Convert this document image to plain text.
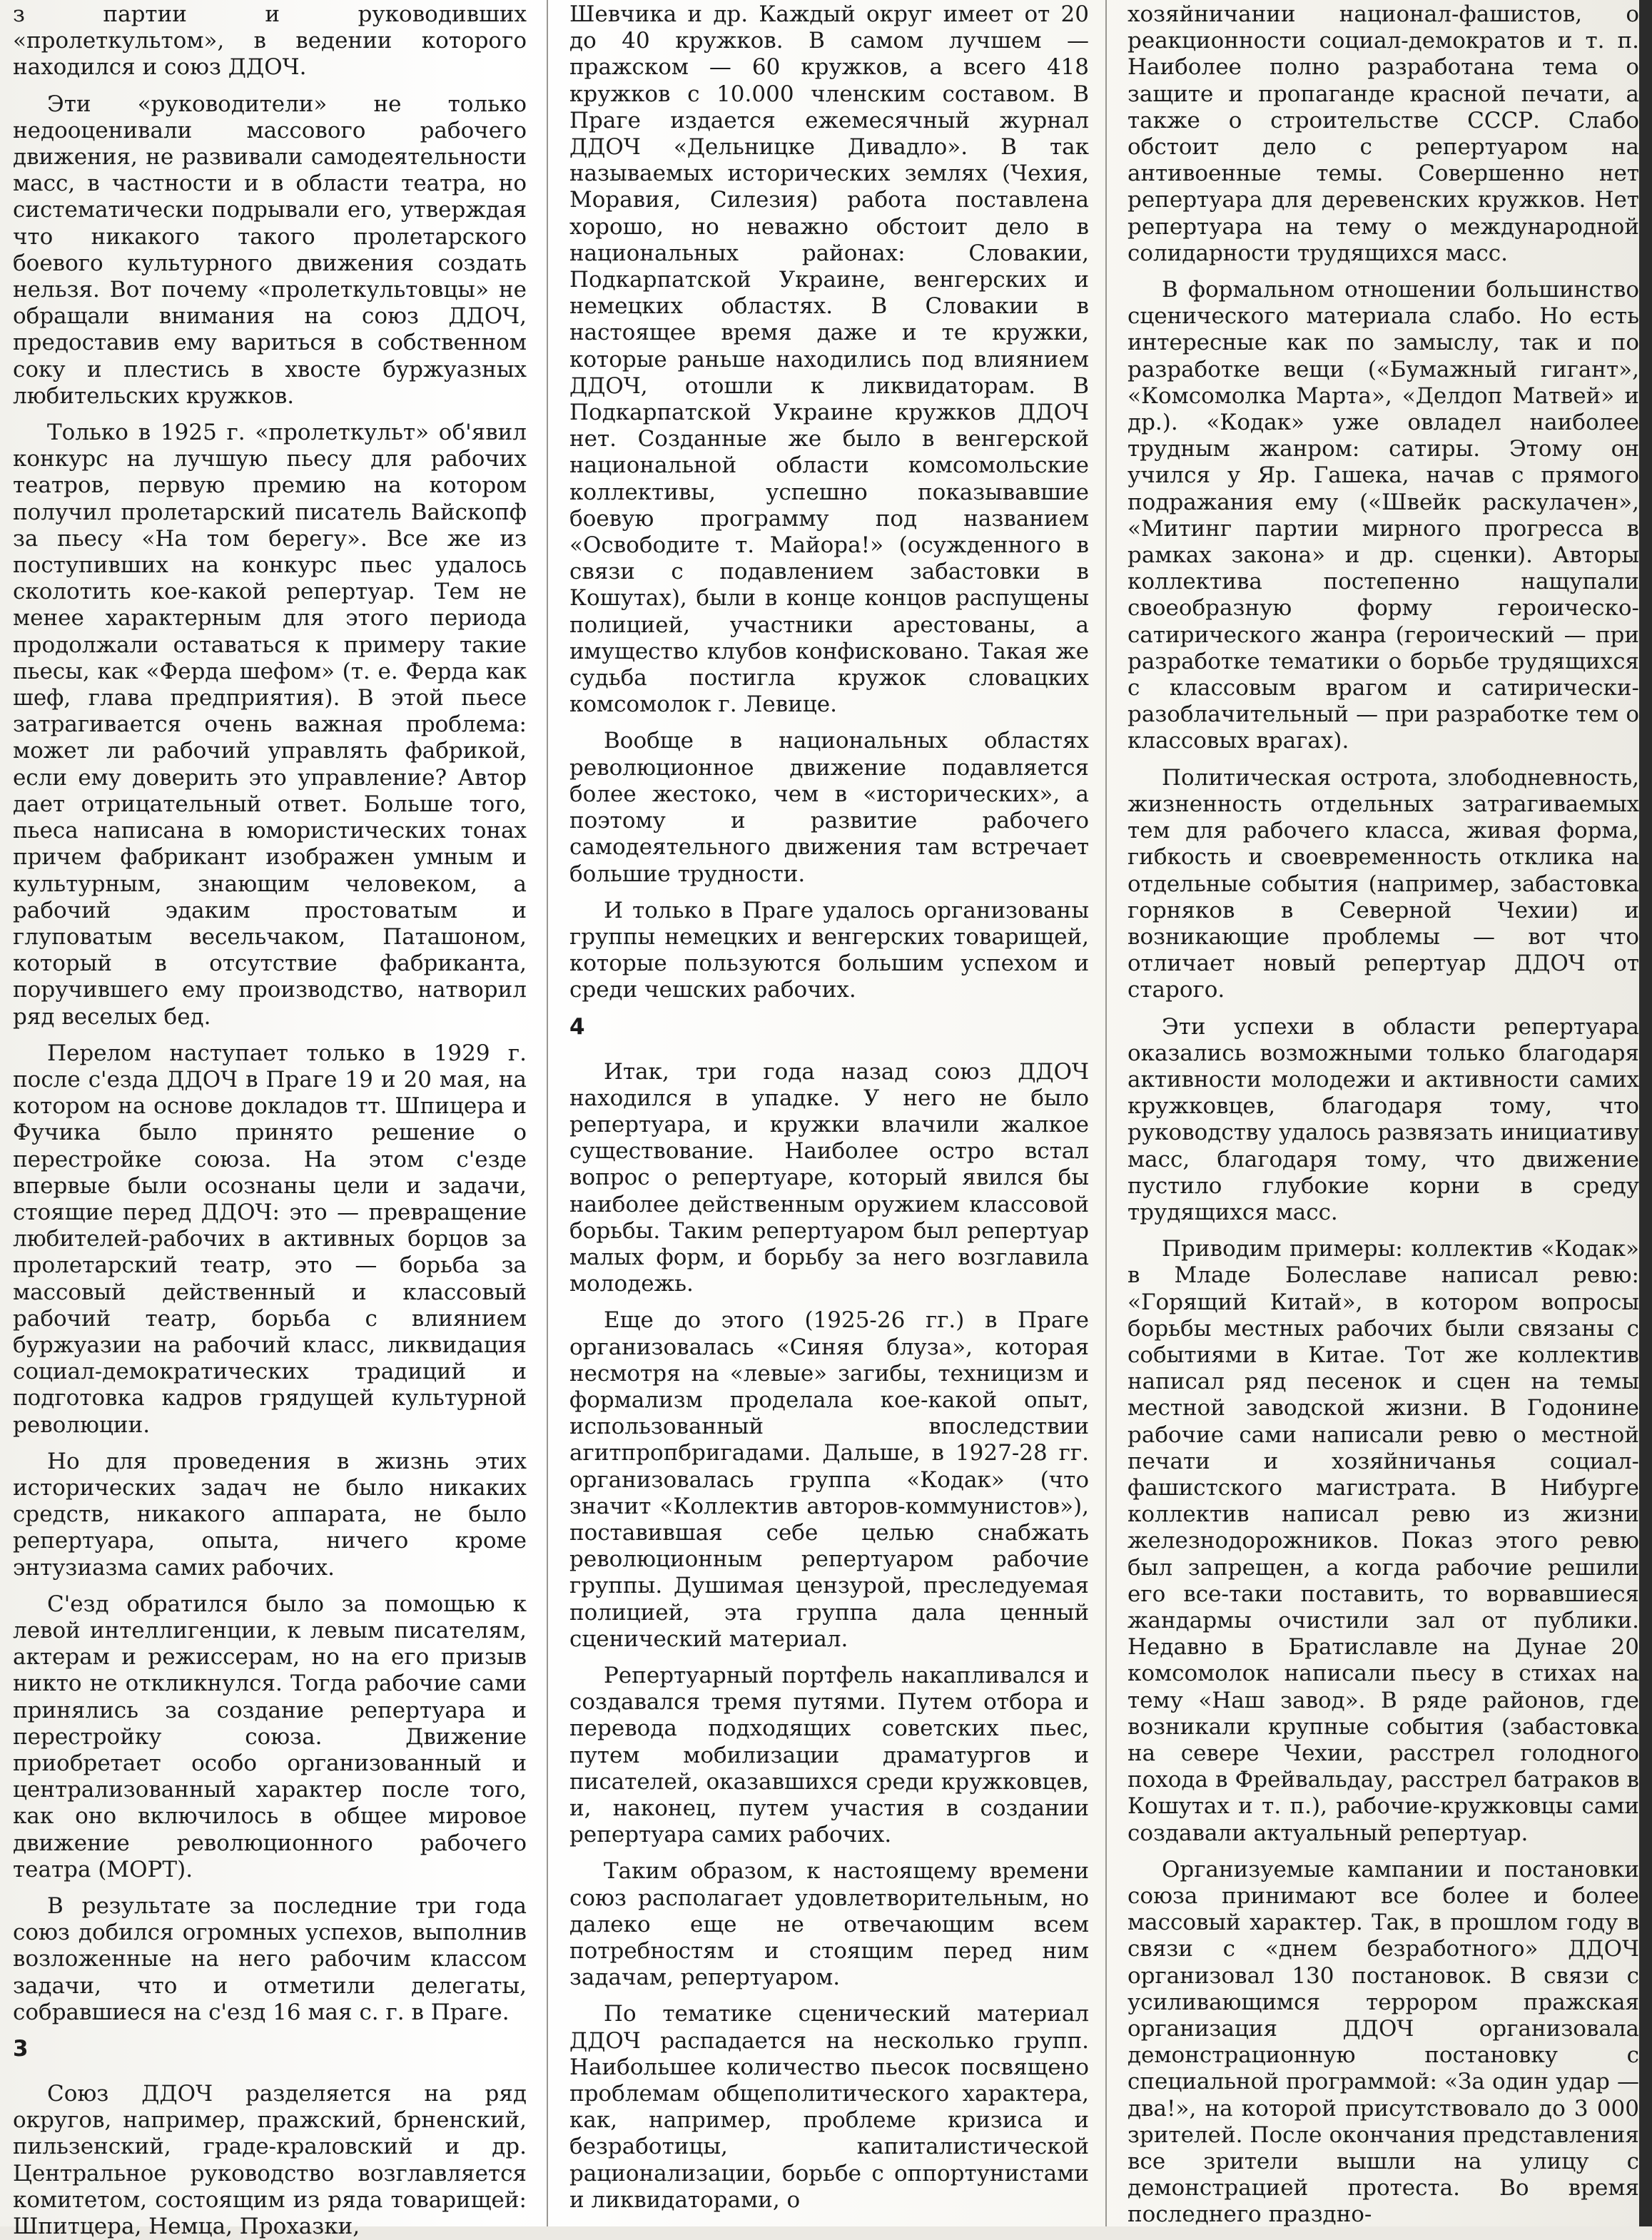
з партии и руководивших «пролеткультом», в ведении которого находился и союз ДДОЧ.

Эти «руководители» не только недооценивали массового рабочего движения, не развивали самодеятельности масс, в частности и в области театра, но систематически подрывали его, утверждая что никакого такого пролетарского боевого культурного движения создать нельзя. Вот почему «пролеткультовцы» не обращали внимания на союз ДДОЧ, предоставив ему вариться в собственном соку и плестись в хвосте буржуазных любительских кружков.

Только в 1925 г. «пролеткульт» об'явил конкурс на лучшую пьесу для рабочих театров, первую премию на котором получил пролетарский писатель Вайскопф за пьесу «На том берегу». Все же из поступивших на конкурс пьес удалось сколотить кое-какой репертуар. Тем не менее характерным для этого периода продолжали оставаться к примеру такие пьесы, как «Ферда шефом» (т. е. Ферда как шеф, глава предприятия). В этой пьесе затрагивается очень важная проблема: может ли рабочий управлять фабрикой, если ему доверить это управление? Автор дает отрицательный ответ. Больше того, пьеса написана в юмористических тонах причем фабрикант изображен умным и культурным, знающим человеком, а рабочий эдаким простоватым и глуповатым весельчаком, Паташоном, который в отсутствие фабриканта, поручившего ему производство, натворил ряд веселых бед.

Перелом наступает только в 1929 г. после с'езда ДДОЧ в Праге 19 и 20 мая, на котором на основе докладов тт. Шпицера и Фучика было принято решение о перестройке союза. На этом с'езде впервые были осознаны цели и задачи, стоящие перед ДДОЧ: это — превращение любителей-рабочих в активных борцов за пролетарский театр, это — борьба за массовый действенный и классовый рабочий театр, борьба с влиянием буржуазии на рабочий класс, ликвидация социал-демократических традиций и подготовка кадров грядущей культурной революции.

Но для проведения в жизнь этих исторических задач не было никаких средств, никакого аппарата, не было репертуара, опыта, ничего кроме энтузиазма самих рабочих.

С'езд обратился было за помощью к левой интеллигенции, к левым писателям, актерам и режиссерам, но на его призыв никто не откликнулся. Тогда рабочие сами принялись за создание репертуара и перестройку союза. Движение приобретает особо организованный и централизованный характер после того, как оно включилось в общее мировое движение революционного рабочего театра (МОРТ).

В результате за последние три года союз добился огромных успехов, выполнив возложенные на него рабочим классом задачи, что и отметили делегаты, собравшиеся на с'езд 16 мая с. г. в Праге.

3

Союз ДДОЧ разделяется на ряд округов, например, пражский, брненский, пильзенский, граде-краловский и др. Центральное руководство возглавляется комитетом, состоящим из ряда товарищей: Шпитцера, Немца, Прохазки,

Шевчика и др. Каждый округ имеет от 20 до 40 кружков. В самом лучшем — пражском — 60 кружков, а всего 418 кружков с 10.000 членским составом. В Праге издается ежемесячный журнал ДДОЧ «Дельницке Дивадло». В так называемых исторических землях (Чехия, Моравия, Силезия) работа поставлена хорошо, но неважно обстоит дело в национальных районах: Словакии, Подкарпатской Украине, венгерских и немецких областях. В Словакии в настоящее время даже и те кружки, которые раньше находились под влиянием ДДОЧ, отошли к ликвидаторам. В Подкарпатской Украине кружков ДДОЧ нет. Созданные же было в венгерской национальной области комсомольские коллективы, успешно показывавшие боевую программу под названием «Освободите т. Майора!» (осужденного в связи с подавлением забастовки в Кошутах), были в конце концов распущены полицией, участники арестованы, а имущество клубов конфисковано. Такая же судьба постигла кружок словацких комсомолок г. Левице.

Вообще в национальных областях революционное движение подавляется более жестоко, чем в «исторических», а поэтому и развитие рабочего самодеятельного движения там встречает большие трудности.

И только в Праге удалось организованы группы немецких и венгерских товарищей, которые пользуются большим успехом и среди чешских рабочих.

4

Итак, три года назад союз ДДОЧ находился в упадке. У него не было репертуара, и кружки влачили жалкое существование. Наиболее остро встал вопрос о репертуаре, который явился бы наиболее действенным оружием классовой борьбы. Таким репертуаром был репертуар малых форм, и борьбу за него возглавила молодежь.

Еще до этого (1925-26 гг.) в Праге организовалась «Синяя блуза», которая несмотря на «левые» загибы, техницизм и формализм проделала кое-какой опыт, использованный впоследствии агитпропбригадами. Дальше, в 1927-28 гг. организовалась группа «Кодак» (что значит «Коллектив авторов-коммунистов»), поставившая себе целью снабжать революционным репертуаром рабочие группы. Душимая цензурой, преследуемая полицией, эта группа дала ценный сценический материал.

Репертуарный портфель накапливался и создавался тремя путями. Путем отбора и перевода подходящих советских пьес, путем мобилизации драматургов и писателей, оказавшихся среди кружковцев, и, наконец, путем участия в создании репертуара самих рабочих.

Таким образом, к настоящему времени союз располагает удовлетворительным, но далеко еще не отвечающим всем потребностям и стоящим перед ним задачам, репертуаром.

По тематике сценический материал ДДОЧ распадается на несколько групп. Наибольшее количество пьесок посвящено проблемам общеполитического характера, как, например, проблеме кризиса и безработицы, капиталистической рационализации, борьбе с оппортунистами и ликвидаторами, о

хозяйничании национал-фашистов, о реакционности социал-демократов и т. п. Наиболее полно разработана тема о защите и пропаганде красной печати, а также о строительстве СССР. Слабо обстоит дело с репертуаром на антивоенные темы. Совершенно нет репертуара для деревенских кружков. Нет репертуара на тему о международной солидарности трудящихся масс.

В формальном отношении большинство сценического материала слабо. Но есть интересные как по замыслу, так и по разработке вещи («Бумажный гигант», «Комсомолка Марта», «Делдоп Матвей» и др.). «Кодак» уже овладел наиболее трудным жанром: сатиры. Этому он учился у Яр. Гашека, начав с прямого подражания ему («Швейк раскулачен», «Митинг партии мирного прогресса в рамках закона» и др. сценки). Авторы коллектива постепенно нащупали своеобразную форму героическо-сатирического жанра (героический — при разработке тематики о борьбе трудящихся с классовым врагом и сатирически-разоблачительный — при разработке тем о классовых врагах).

Политическая острота, злободневность, жизненность отдельных затрагиваемых тем для рабочего класса, живая форма, гибкость и своевременность отклика на отдельные события (например, забастовка горняков в Северной Чехии) и возникающие проблемы — вот что отличает новый репертуар ДДОЧ от старого.

Эти успехи в области репертуара оказались возможными только благодаря активности молодежи и активности самих кружковцев, благодаря тому, что руководству удалось развязать инициативу масс, благодаря тому, что движение пустило глубокие корни в среду трудящихся масс.

Приводим примеры: коллектив «Кодак» в Младе Болеславе написал ревю: «Горящий Китай», в котором вопросы борьбы местных рабочих были связаны с событиями в Китае. Тот же коллектив написал ряд песенок и сцен на темы местной заводской жизни. В Годонине рабочие сами написали ревю о местной печати и хозяйничанья социал-фашистского магистрата. В Нибурге коллектив написал ревю из жизни железнодорожников. Показ этого ревю был запрещен, а когда рабочие решили его все-таки поставить, то ворвавшиеся жандармы очистили зал от публики. Недавно в Братиславле на Дунае 20 комсомолок написали пьесу в стихах на тему «Наш завод». В ряде районов, где возникали крупные события (забастовка на севере Чехии, расстрел голодного похода в Фрейвальдау, расстрел батраков в Кошутах и т. п.), рабочие-кружковцы сами создавали актуальный репертуар.

Организуемые кампании и постановки союза принимают все более и более массовый характер. Так, в прошлом году в связи с «днем безработного» ДДОЧ организовал 130 постановок. В связи с усиливающимся террором пражская организация ДДОЧ организовала демонстрационную постановку с специальной программой: «За один удар — два!», на которой присутствовало до 3 000 зрителей. После окончания представления все зрители вышли на улицу с демонстрацией протеста. Во время последнего праздно-
